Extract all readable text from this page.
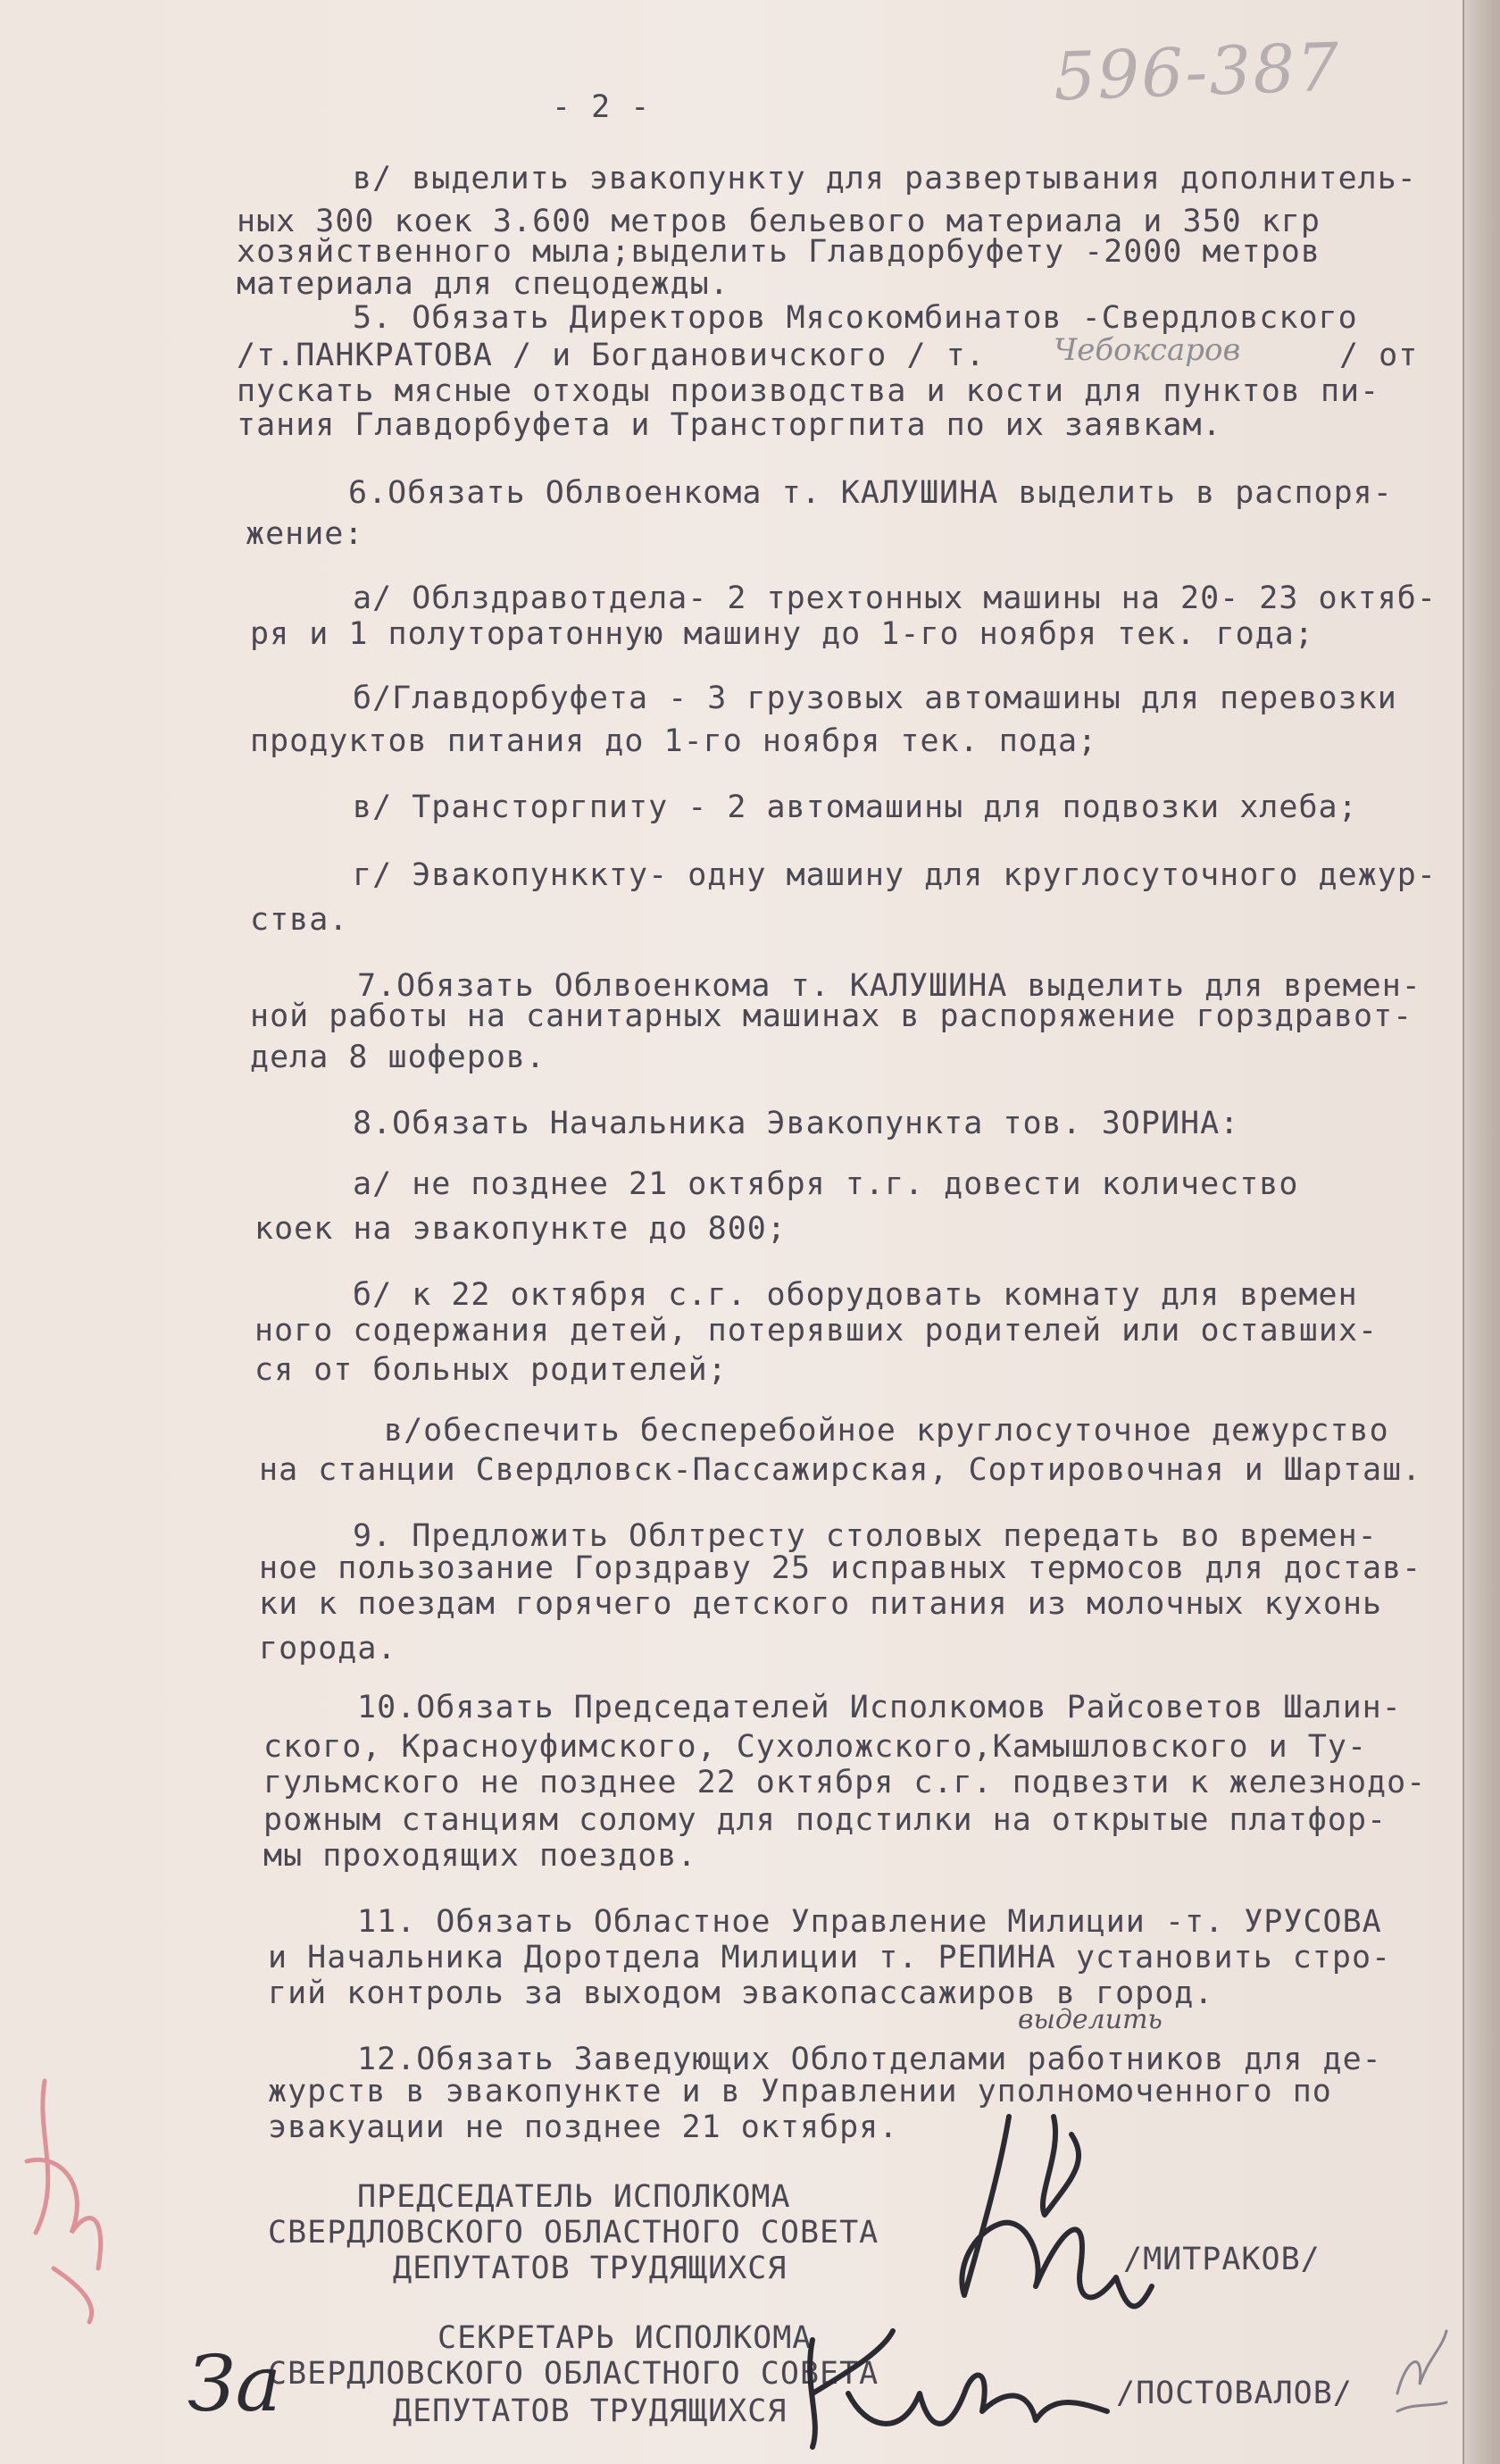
596-387
- 2 -
в/ выделить эвакопункту для развертывания дополнитель-
ных 300 коек 3.600 метров бельевого материала и 350 кгр
хозяйственного мыла;выделить Главдорбуфету -2000 метров
материала для спецодежды.
5. Обязать Директоров Мясокомбинатов -Свердловского
/т.ПАНКРАТОВА / и Богдановичского / т. Чебоксаров	/ от
пускать мясные отходы производства и кости для пунктов пи-
тания Главдорбуфета и Трансторгпита по их заявкам.
6.Обязать Облвоенкома т. КАЛУШИНА выделить в распоря-
жение:
а/ Облздравотдела- 2 трехтонных машины на 20- 23 октяб-
ря и 1 полуторатонную машину до 1-го ноября тек. года;
б/Главдорбуфета - 3 грузовых автомашины для перевозки
продуктов питания до 1-го ноября тек. пода;
в/ Трансторгпиту - 2 автомашины для подвозки хлеба;
г/ Эвакопунккту- одну машину для круглосуточного дежур-
ства.
7.Обязать Облвоенкома т. КАЛУШИНА выделить для времен-
ной работы на санитарных машинах в распоряжение горздравот-
дела 8 шоферов.
8.Обязать Начальника Эвакопункта тов. ЗОРИНА:
а/ не позднее 21 октября т.г. довести количество
коек на эвакопункте до 800;
б/ к 22 октября с.г. оборудовать комнату для времен
ного содержания детей, потерявших родителей или оставших-
ся от больных родителей;
в/обеспечить бесперебойное круглосуточное дежурство
на станции Свердловск-Пассажирская, Сортировочная и Шарташ.
9. Предложить Облтресту столовых передать во времен-
ное пользозание Горздраву 25 исправных термосов для достав-
ки к поездам горячего детского питания из молочных кухонь
города.
10.Обязать Председателей Исполкомов Райсоветов Шалин-
ского, Красноуфимского, Сухоложского,Камышловского и Ту-
гульмского не позднее 22 октября с.г. подвезти к железнодо-
рожным станциям солому для подстилки на открытые платфор-
мы проходящих поездов.
11. Обязать Областное Управление Милиции -т. УРУСОВА
и Начальника Доротдела Милиции т. РЕПИНА установить стро-
гий контроль за выходом эвакопассажиров в город.
выделить
12.Обязать Заведующих Облотделами работников для де-
журств в эвакопункте и в Управлении уполномоченного по
эвакуации не позднее 21 октября.
ПРЕДСЕДАТЕЛЬ ИСПОЛКОМА
СВЕРДЛОВСКОГО ОБЛАСТНОГО СОВЕТА
ДЕПУТАТОВ ТРУДЯЩИХСЯ	/МИТРАКОВ/
СЕКРЕТАРЬ ИСПОЛКОМА
СВЕРДЛОВСКОГО ОБЛАСТНОГО СОВЕТА
ДЕПУТАТОВ ТРУДЯЩИХСЯ	/ПОСТОВАЛОВ/
За
